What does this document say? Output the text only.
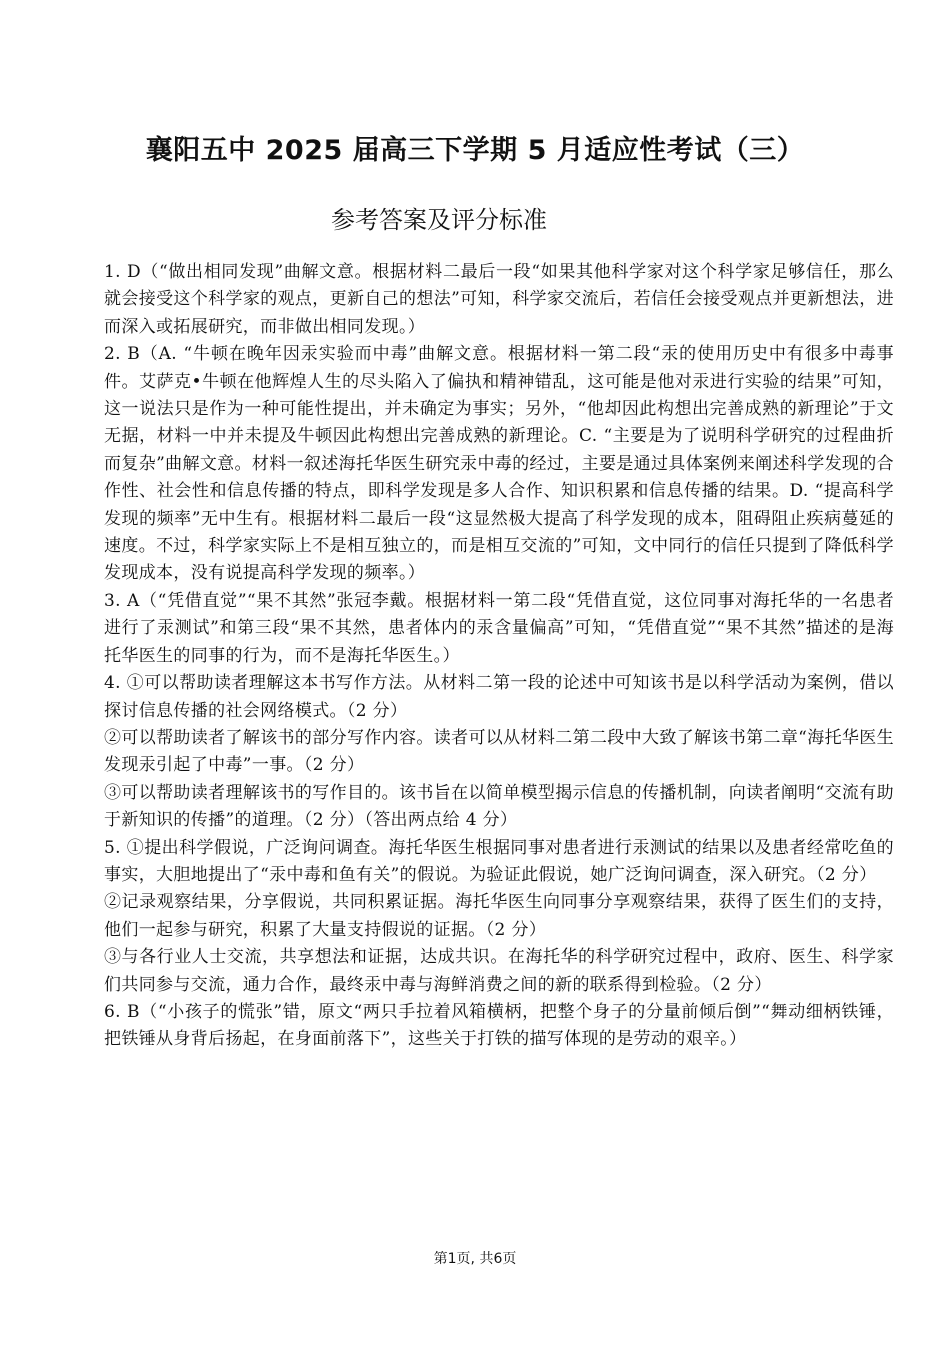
襄阳五中 2025 届高三下学期 5 月适应性考试（三）
参考答案及评分标准

1. D（“做出相同发现”曲解文意。根据材料二最后一段“如果其他科学家对这个科学家足够信任，那么就会接受这个科学家的观点，更新自己的想法”可知，科学家交流后，若信任会接受观点并更新想法，进而深入或拓展研究，而非做出相同发现。）

2. B（A. “牛顿在晚年因汞实验而中毒”曲解文意。根据材料一第二段“汞的使用历史中有很多中毒事件。艾萨克•牛顿在他辉煌人生的尽头陷入了偏执和精神错乱，这可能是他对汞进行实验的结果”可知，这一说法只是作为一种可能性提出，并未确定为事实；另外，“他却因此构想出完善成熟的新理论”于文无据，材料一中并未提及牛顿因此构想出完善成熟的新理论。C. “主要是为了说明科学研究的过程曲折而复杂”曲解文意。材料一叙述海托华医生研究汞中毒的经过，主要是通过具体案例来阐述科学发现的合作性、社会性和信息传播的特点，即科学发现是多人合作、知识积累和信息传播的结果。D. “提高科学发现的频率”无中生有。根据材料二最后一段“这显然极大提高了科学发现的成本，阻碍阻止疾病蔓延的速度。不过，科学家实际上不是相互独立的，而是相互交流的”可知，文中同行的信任只提到了降低科学发现成本，没有说提高科学发现的频率。）

3. A（“凭借直觉”“果不其然”张冠李戴。根据材料一第二段“凭借直觉，这位同事对海托华的一名患者进行了汞测试”和第三段“果不其然，患者体内的汞含量偏高”可知，“凭借直觉”“果不其然”描述的是海托华医生的同事的行为，而不是海托华医生。）

4. ①可以帮助读者理解这本书写作方法。从材料二第一段的论述中可知该书是以科学活动为案例，借以探讨信息传播的社会网络模式。（2 分）

②可以帮助读者了解该书的部分写作内容。读者可以从材料二第二段中大致了解该书第二章“海托华医生发现汞引起了中毒”一事。（2 分）

③可以帮助读者理解该书的写作目的。该书旨在以简单模型揭示信息的传播机制，向读者阐明“交流有助于新知识的传播”的道理。（2 分）（答出两点给 4 分）

5. ①提出科学假说，广泛询问调查。海托华医生根据同事对患者进行汞测试的结果以及患者经常吃鱼的事实，大胆地提出了“汞中毒和鱼有关”的假说。为验证此假说，她广泛询问调查，深入研究。（2 分）

②记录观察结果，分享假说，共同积累证据。海托华医生向同事分享观察结果，获得了医生们的支持，他们一起参与研究，积累了大量支持假说的证据。（2 分）

③与各行业人士交流，共享想法和证据，达成共识。在海托华的科学研究过程中，政府、医生、科学家们共同参与交流，通力合作，最终汞中毒与海鲜消费之间的新的联系得到检验。（2 分）

6. B（“小孩子的慌张”错，原文“两只手拉着风箱横柄，把整个身子的分量前倾后倒”“舞动细柄铁锤，把铁锤从身背后扬起，在身面前落下”，这些关于打铁的描写体现的是劳动的艰辛。）

第1页, 共6页
